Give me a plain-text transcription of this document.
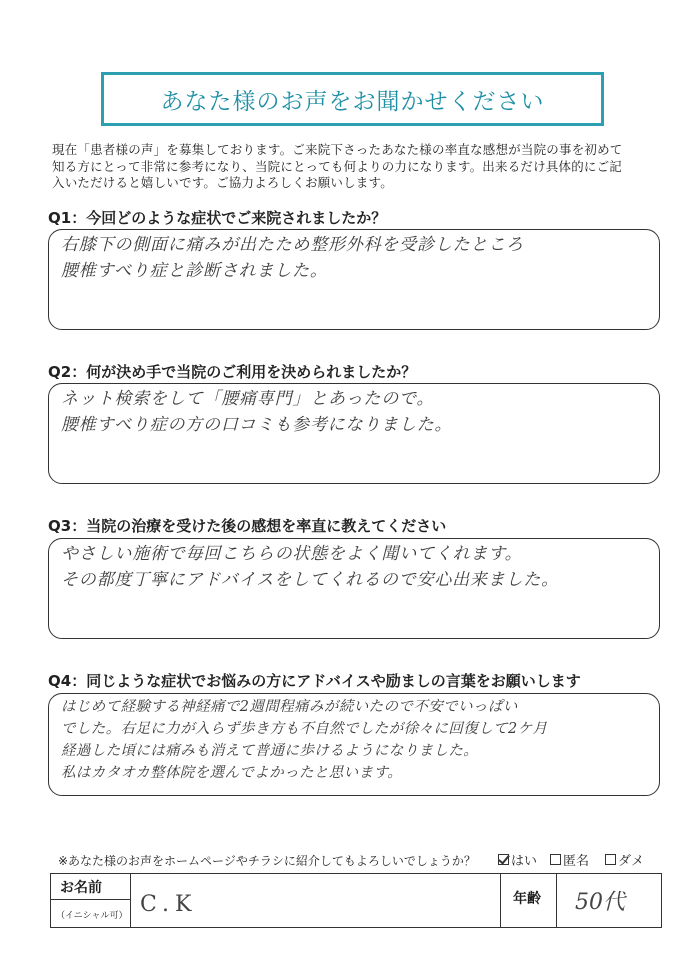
あなた様のお声をお聞かせください
現在「患者様の声」を募集しております。ご来院下さったあなた様の率直な感想が当院の事を初めて
知る方にとって非常に参考になり、当院にとっても何よりの力になります。出来るだけ具体的にご記
入いただけると嬉しいです。ご協力よろしくお願いします。
Q1：今回どのような症状でご来院されましたか？
右膝下の側面に痛みが出たため整形外科を受診したところ
腰椎すべり症と診断されました。
Q2：何が決め手で当院のご利用を決められましたか？
ネット検索をして「腰痛専門」とあったので。
腰椎すべり症の方の口コミも参考になりました。
Q3：当院の治療を受けた後の感想を率直に教えてください
やさしい施術で毎回こちらの状態をよく聞いてくれます。
その都度丁寧にアドバイスをしてくれるので安心出来ました。
Q4：同じような症状でお悩みの方にアドバイスや励ましの言葉をお願いします
はじめて経験する神経痛で2週間程痛みが続いたので不安でいっぱい
でした。右足に力が入らず歩き方も不自然でしたが徐々に回復して2ケ月
経過した頃には痛みも消えて普通に歩けるようになりました。
私はカタオカ整体院を選んでよかったと思います。
※あなた様のお声をホームページやチラシに紹介してもよろしいでしょうか？	はい 匿名 ダメ
お名前
（イニシャル可） C.K	年齢 50代
